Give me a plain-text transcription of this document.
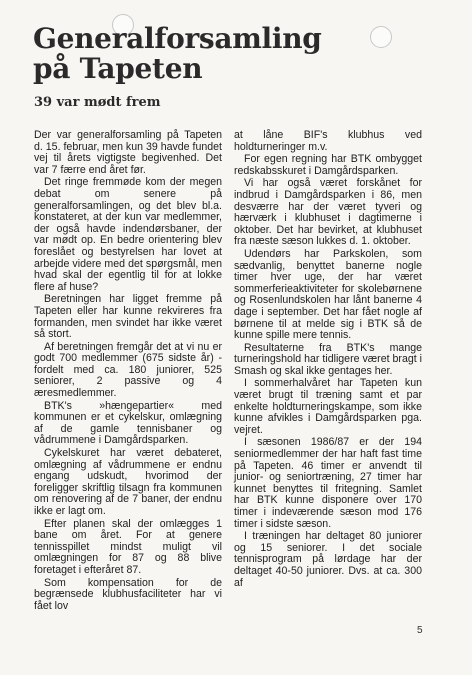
Generalforsamling
på Tapeten
39 var mødt frem

Der var generalforsamling på Tapeten d. 15. februar, men kun 39 havde fundet vej til årets vigtigste begivenhed. Det var 7 færre end året før.

Det ringe fremmøde kom der megen debat om senere på generalforsamlingen, og det blev bl.a. konstateret, at der kun var medlemmer, der også havde indendørsbaner, der var mødt op. En bedre orientering blev foreslået og bestyrelsen har lovet at arbejde videre med det spørgsmål, men hvad skal der egentlig til for at lokke flere af huse?

Beretningen har ligget fremme på Tapeten eller har kunne rekvireres fra formanden, men svindet har ikke været så stort.

Af beretningen fremgår det at vi nu er godt 700 medlemmer (675 sidste år) - fordelt med ca. 180 juniorer, 525 seniorer, 2 passive og 4 æresmedlemmer.

BTK's »hængepartier« med kommunen er et cykelskur, omlægning af de gamle tennisbaner og vådrummene i Damgårdsparken.

Cykelskuret har været debateret, omlægning af vådrummene er endnu engang udskudt, hvorimod der foreligger skriftlig tilsagn fra kommunen om renovering af de 7 baner, der endnu ikke er lagt om.

Efter planen skal der omlægges 1 bane om året. For at genere tennisspillet mindst muligt vil omlægningen for 87 og 88 blive foretaget i efteråret 87.

Som kompensation for de begrænsede klubhusfaciliteter har vi fået lov

at låne BIF's klubhus ved holdturneringer m.v.

For egen regning har BTK ombygget redskabsskuret i Damgårdsparken.

Vi har også været forskånet for indbrud i Damgårdsparken i 86, men desværre har der været tyveri og hærværk i klubhuset i dagtimerne i oktober. Det har bevirket, at klubhuset fra næste sæson lukkes d. 1. oktober.

Udendørs har Parkskolen, som sædvanlig, benyttet banerne nogle timer hver uge, der har været sommerferieaktiviteter for skolebørnene og Rosenlundskolen har lånt banerne 4 dage i september. Det har fået nogle af børnene til at melde sig i BTK så de kunne spille mere tennis.

Resultaterne fra BTK's mange turneringshold har tidligere været bragt i Smash og skal ikke gentages her.

I sommerhalvåret har Tapeten kun været brugt til træning samt et par enkelte holdturneringskampe, som ikke kunne afvikles i Damgårdsparken pga. vejret.

I sæsonen 1986/87 er der 194 seniormedlemmer der har haft fast time på Tapeten. 46 timer er anvendt til junior- og seniortræning, 27 timer har kunnet benyttes til fritegning. Samlet har BTK kunne disponere over 170 timer i indeværende sæson mod 176 timer i sidste sæson.

I træningen har deltaget 80 juniorer og 15 seniorer. I det sociale tennisprogram på lørdage har der deltaget 40-50 juniorer. Dvs. at ca. 300 af

5
